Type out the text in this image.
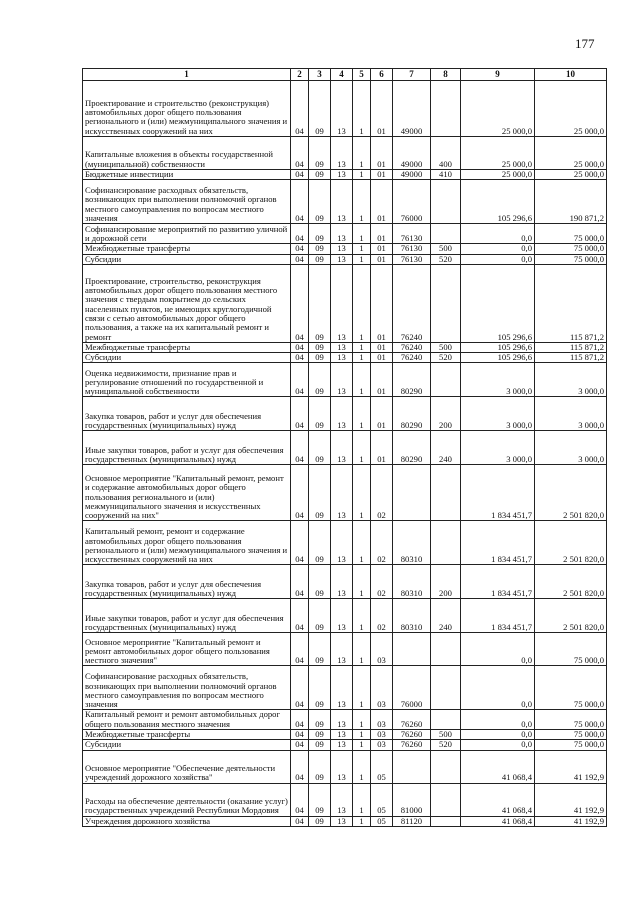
177
1	2	3	4	5	6	7	8	9	10
Проектирование и строительство (реконструкция) автомобильных дорог общего пользования регионального и (или) межмуниципального значения и искусственных сооружений на них	04	09	13	1	01	49000		25 000,0	25 000,0
Капитальные вложения в объекты государственной (муниципальной) собственности	04	09	13	1	01	49000	400	25 000,0	25 000,0
Бюджетные инвестиции	04	09	13	1	01	49000	410	25 000,0	25 000,0
Софинансирование расходных обязательств, возникающих при выполнении полномочий органов местного самоуправления по вопросам местного значения	04	09	13	1	01	76000		105 296,6	190 871,2
Софинансирование мероприятий по развитию уличной и дорожной сети	04	09	13	1	01	76130		0,0	75 000,0
Межбюджетные трансферты	04	09	13	1	01	76130	500	0,0	75 000,0
Субсидии	04	09	13	1	01	76130	520	0,0	75 000,0
Проектирование, строительство, реконструкция автомобильных дорог общего пользования местного значения с твердым покрытием до сельских населенных пунктов, не имеющих круглогодичной связи с сетью автомобильных дорог общего пользования, а также на их капитальный ремонт и ремонт	04	09	13	1	01	76240		105 296,6	115 871,2
Межбюджетные трансферты	04	09	13	1	01	76240	500	105 296,6	115 871,2
Субсидии	04	09	13	1	01	76240	520	105 296,6	115 871,2
Оценка недвижимости, признание прав и регулирование отношений по государственной и муниципальной собственности	04	09	13	1	01	80290		3 000,0	3 000,0
Закупка товаров, работ и услуг для обеспечения государственных (муниципальных) нужд	04	09	13	1	01	80290	200	3 000,0	3 000,0
Иные закупки товаров, работ и услуг для обеспечения государственных (муниципальных) нужд	04	09	13	1	01	80290	240	3 000,0	3 000,0
Основное мероприятие "Капитальный ремонт, ремонт и содержание автомобильных дорог общего пользования регионального и (или) межмуниципального значения и искусственных сооружений на них"	04	09	13	1	02			1 834 451,7	2 501 820,0
Капитальный ремонт, ремонт и содержание автомобильных дорог общего пользования регионального и (или) межмуниципального значения и искусственных сооружений на них	04	09	13	1	02	80310		1 834 451,7	2 501 820,0
Закупка товаров, работ и услуг для обеспечения государственных (муниципальных) нужд	04	09	13	1	02	80310	200	1 834 451,7	2 501 820,0
Иные закупки товаров, работ и услуг для обеспечения государственных (муниципальных) нужд	04	09	13	1	02	80310	240	1 834 451,7	2 501 820,0
Основное мероприятие "Капитальный ремонт и ремонт автомобильных дорог общего пользования местного значения"	04	09	13	1	03			0,0	75 000,0
Софинансирование расходных обязательств, возникающих при выполнении полномочий органов местного самоуправления по вопросам местного значения	04	09	13	1	03	76000		0,0	75 000,0
Капитальный ремонт и ремонт автомобильных дорог общего пользования местного значения	04	09	13	1	03	76260		0,0	75 000,0
Межбюджетные трансферты	04	09	13	1	03	76260	500	0,0	75 000,0
Субсидии	04	09	13	1	03	76260	520	0,0	75 000,0
Основное мероприятие "Обеспечение деятельности учреждений дорожного хозяйства"	04	09	13	1	05			41 068,4	41 192,9
Расходы на обеспечение деятельности (оказание услуг) государственных учреждений Республики Мордовия	04	09	13	1	05	81000		41 068,4	41 192,9
Учреждения дорожного хозяйства	04	09	13	1	05	81120		41 068,4	41 192,9
